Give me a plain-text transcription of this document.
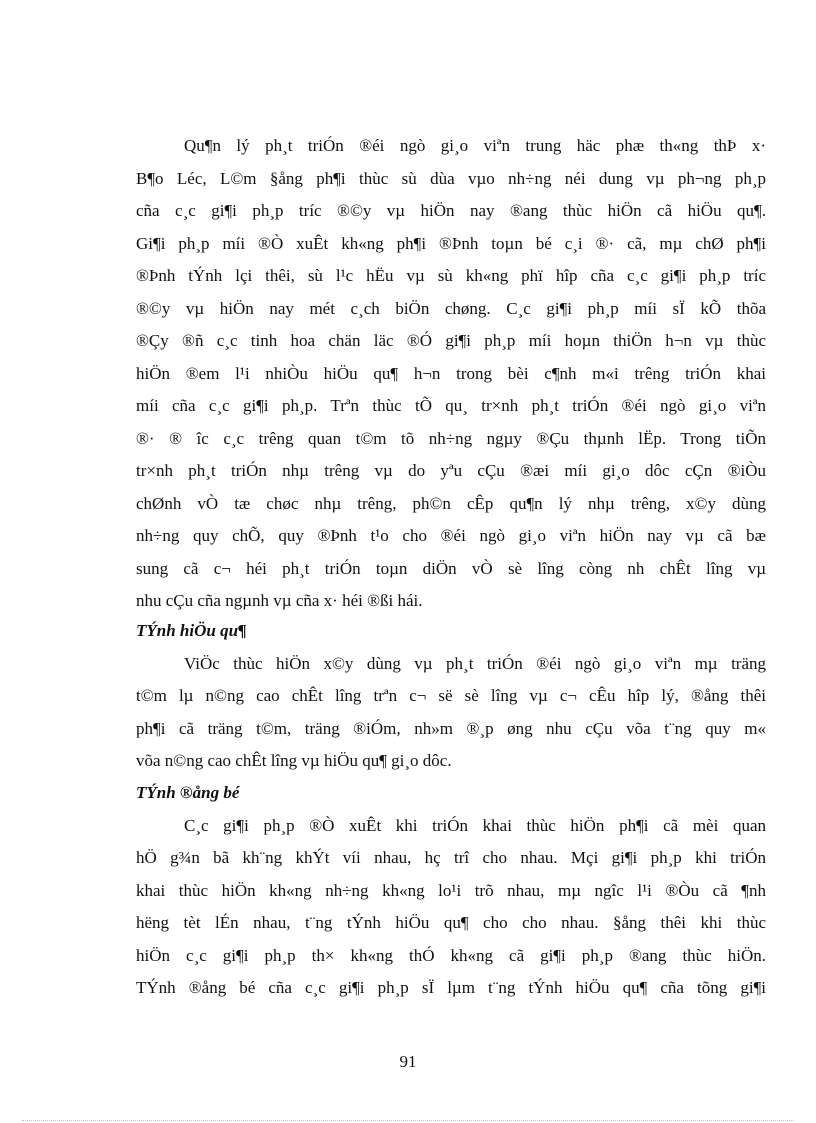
Qu¶n lý ph¸t triÓn ®éi ngò gi¸o viªn trung häc phæ th«ng thÞ x·
B¶o Léc, L©m §ång ph¶i thùc sù dùa vµo nh÷ng néi dung vµ ph¬ng ph¸p
cña c¸c gi¶i ph¸p tríc ®©y vµ hiÖn nay ®ang thùc hiÖn cã hiÖu qu¶.
Gi¶i ph¸p míi ®Ò xuÊt kh«ng ph¶i ®Þnh toµn bé c¸i ®· cã, mµ chØ ph¶i
®Þnh tÝnh lçi thêi, sù l¹c hËu vµ sù kh«ng phï hîp cña c¸c gi¶i ph¸p tríc
®©y vµ hiÖn nay mét c¸ch biÖn chøng. C¸c gi¶i ph¸p míi sÏ kÕ thõa
®Çy ®ñ c¸c tinh hoa chän läc ®Ó gi¶i ph¸p míi hoµn thiÖn h¬n vµ thùc
hiÖn ®em l¹i nhiÒu hiÖu qu¶ h¬n trong bèi c¶nh m«i trêng triÓn khai
míi cña c¸c gi¶i ph¸p. Trªn thùc tÕ qu¸ tr×nh ph¸t triÓn ®éi ngò gi¸o viªn
®· ® îc c¸c trêng quan t©m tõ nh÷ng ngµy ®Çu thµnh lËp. Trong tiÕn
tr×nh ph¸t triÓn nhµ trêng vµ do yªu cÇu ®æi míi gi¸o dôc cÇn ®iÒu
chØnh vÒ tæ chøc nhµ trêng, ph©n cÊp qu¶n lý nhµ trêng, x©y dùng
nh÷ng quy chÕ, quy ®Þnh t¹o cho ®éi ngò gi¸o viªn hiÖn nay vµ cã bæ
sung cã c¬ héi ph¸t triÓn toµn diÖn vÒ sè lîng còng nh chÊt lîng vµ
nhu cÇu cña ngµnh vµ cña x· héi ®ßi hái.
TÝnh hiÖu qu¶
ViÖc thùc hiÖn x©y dùng vµ ph¸t triÓn ®éi ngò gi¸o viªn mµ träng
t©m lµ n©ng cao chÊt lîng trªn c¬ së sè lîng vµ c¬ cÊu hîp lý, ®ång thêi
ph¶i cã träng t©m, träng ®iÓm, nh»m ®¸p øng nhu cÇu võa t¨ng quy m«
võa n©ng cao chÊt lîng vµ hiÖu qu¶ gi¸o dôc.
TÝnh ®ång bé
C¸c gi¶i ph¸p ®Ò xuÊt khi triÓn khai thùc hiÖn ph¶i cã mèi quan
hÖ g¾n bã kh¨ng khÝt víi nhau, hç trî cho nhau. Mçi gi¶i ph¸p khi triÓn
khai thùc hiÖn kh«ng nh÷ng kh«ng lo¹i trõ nhau, mµ ngîc l¹i ®Òu cã ¶nh
hëng tèt lÉn nhau, t¨ng tÝnh hiÖu qu¶ cho cho nhau. §ång thêi khi thùc
hiÖn c¸c gi¶i ph¸p th× kh«ng thÓ kh«ng cã gi¶i ph¸p ®ang thùc hiÖn.
TÝnh ®ång bé cña c¸c gi¶i ph¸p sÏ lµm t¨ng tÝnh hiÖu qu¶ cña tõng gi¶i
91
